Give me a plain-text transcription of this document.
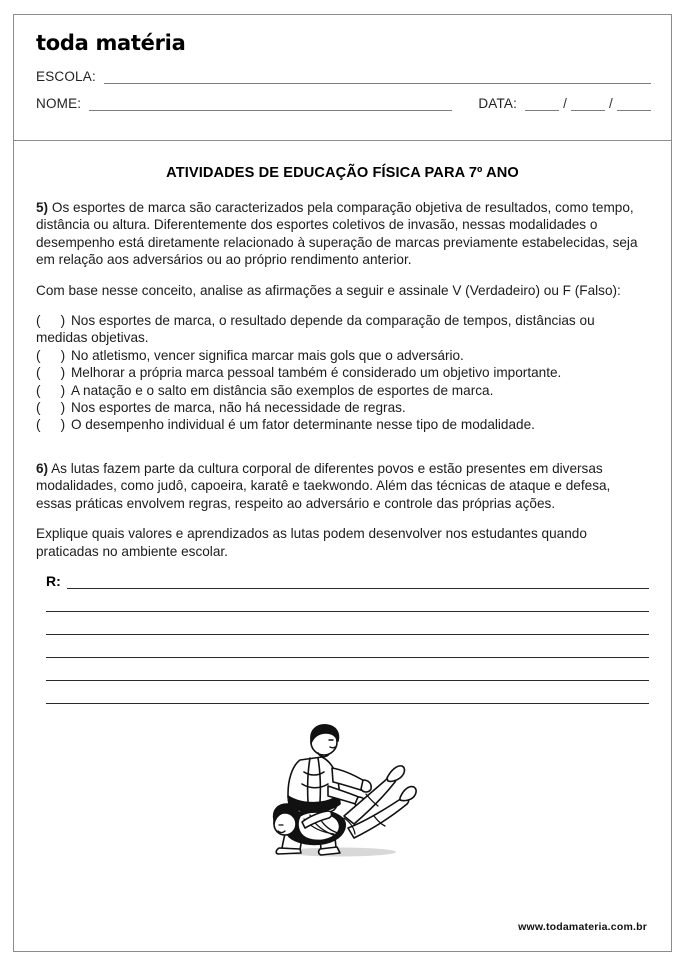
toda matéria
ESCOLA:
NOME:	DATA:	/	/
ATIVIDADES DE EDUCAÇÃO FÍSICA PARA 7º ANO

5) Os esportes de marca são caracterizados pela comparação objetiva de resultados, como tempo, distância ou altura. Diferentemente dos esportes coletivos de invasão, nessas modalidades o desempenho está diretamente relacionado à superação de marcas previamente estabelecidas, seja em relação aos adversários ou ao próprio rendimento anterior.

Com base nesse conceito, analise as afirmações a seguir e assinale V (Verdadeiro) ou F (Falso):

(    ) Nos esportes de marca, o resultado depende da comparação de tempos, distâncias ou medidas objetivas.
(    ) No atletismo, vencer significa marcar mais gols que o adversário.
(    ) Melhorar a própria marca pessoal também é considerado um objetivo importante.
(    ) A natação e o salto em distância são exemplos de esportes de marca.
(    ) Nos esportes de marca, não há necessidade de regras.
(    ) O desempenho individual é um fator determinante nesse tipo de modalidade.

6) As lutas fazem parte da cultura corporal de diferentes povos e estão presentes em diversas modalidades, como judô, capoeira, karatê e taekwondo. Além das técnicas de ataque e defesa, essas práticas envolvem regras, respeito ao adversário e controle das próprias ações.

Explique quais valores e aprendizados as lutas podem desenvolver nos estudantes quando praticadas no ambiente escolar.

R:
www.todamateria.com.br
